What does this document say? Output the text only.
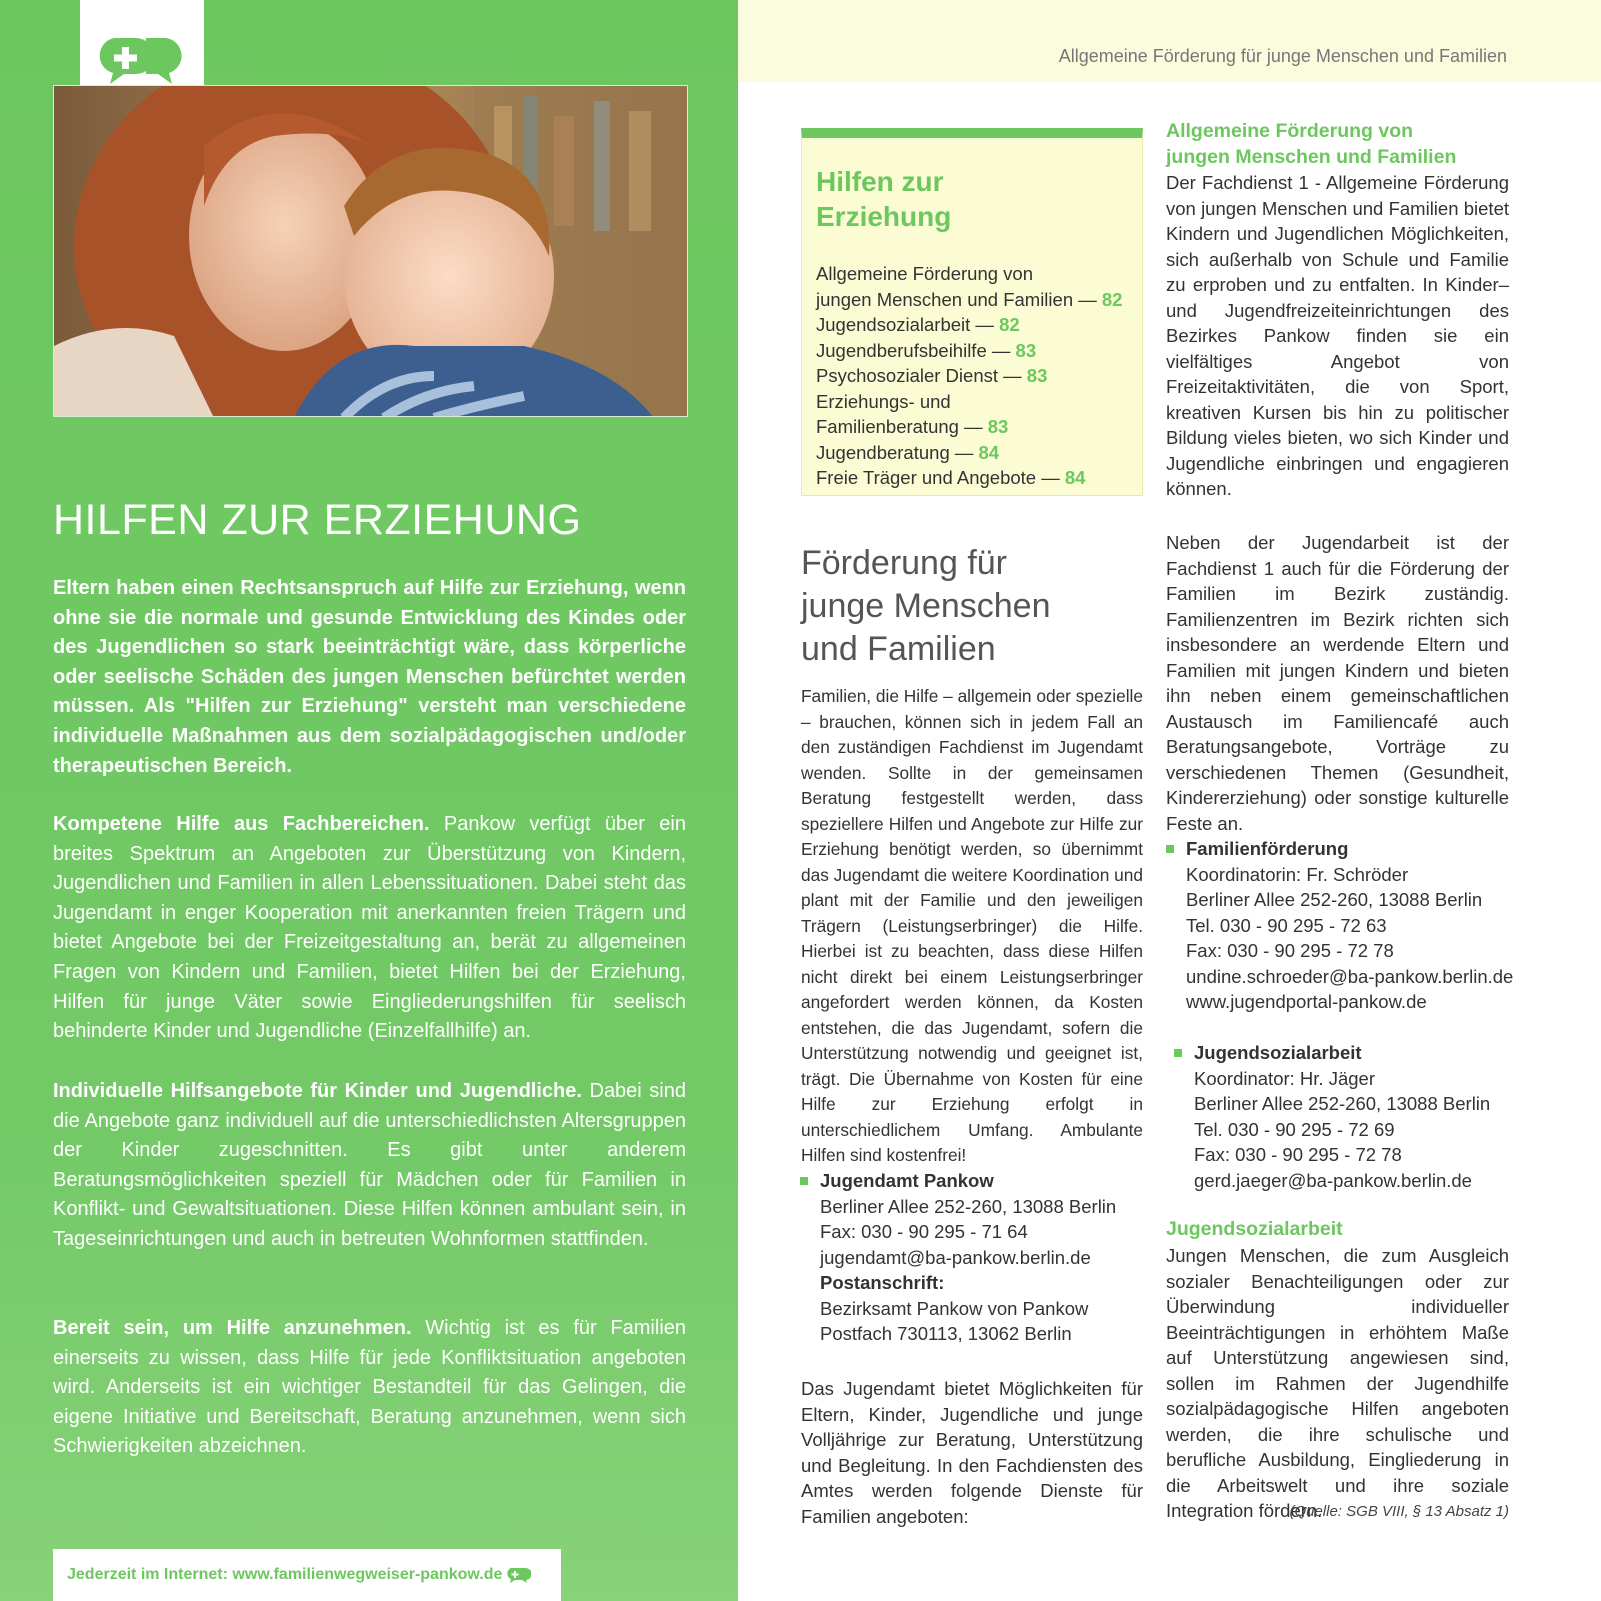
HILFEN ZUR ERZIEHUNG

Eltern haben einen Rechtsanspruch auf Hilfe zur Erziehung, wenn ohne sie die normale und gesunde Entwicklung des Kindes oder des Jugendlichen so stark beeinträchtigt wäre, dass körperliche oder seelische Schäden des jungen Menschen befürchtet werden müssen. Als "Hilfen zur Erziehung" versteht man verschiedene individuelle Maßnahmen aus dem sozialpädagogischen und/oder therapeutischen Bereich.

Kompetene Hilfe aus Fachbereichen. Pankow verfügt über ein breites Spektrum an Angeboten zur Überstützung von Kindern, Jugendlichen und Familien in allen Lebenssituationen. Dabei steht das Jugendamt in enger Kooperation mit anerkannten freien Trägern und bietet Angebote bei der Freizeitgestaltung an, berät zu allgemeinen Fragen von Kindern und Familien, bietet Hilfen bei der Erziehung, Hilfen für junge Väter sowie Eingliederungshilfen für seelisch behinderte Kinder und Jugendliche (Einzelfallhilfe) an.

Individuelle Hilfsangebote für Kinder und Jugendliche. Dabei sind die Angebote ganz individuell auf die unterschiedlichsten Altersgruppen der Kinder zugeschnitten. Es gibt unter anderem Beratungsmöglichkeiten speziell für Mädchen oder für Familien in Konflikt- und Gewaltsituationen. Diese Hilfen können ambulant sein, in Tageseinrichtungen und auch in betreuten Wohnformen stattfinden.

Bereit sein, um Hilfe anzunehmen. Wichtig ist es für Familien einerseits zu wissen, dass Hilfe für jede Konfliktsituation angeboten wird. Anderseits ist ein wichtiger Bestandteil für das Gelingen, die eigene Initiative und Bereitschaft, Beratung anzunehmen, wenn sich Schwierigkeiten abzeichnen.

Jederzeit im Internet: www.familienwegweiser-pankow.de
Allgemeine Förderung für junge Menschen und Familien
Hilfen zur
Erziehung
Allgemeine Förderung von
jungen Menschen und Familien — 82
Jugendsozialarbeit — 82
Jugendberufsbeihilfe — 83
Psychosozialer Dienst — 83
Erziehungs- und
Familienberatung — 83
Jugendberatung — 84
Freie Träger und Angebote — 84
Förderung für
junge Menschen
und Familien

Familien, die Hilfe – allgemein oder spezielle – brauchen, können sich in jedem Fall an den zuständigen Fachdienst im Jugendamt wenden. Sollte in der gemeinsamen Beratung festgestellt werden, dass speziellere Hilfen und Angebote zur Hilfe zur Erziehung benötigt werden, so übernimmt das Jugendamt die weitere Koordination und plant mit der Familie und den jeweiligen Trägern (Leistungserbringer) die Hilfe. Hierbei ist zu beachten, dass diese Hilfen nicht direkt bei einem Leistungserbringer angefordert werden können, da Kosten entstehen, die das Jugendamt, sofern die Unterstützung notwendig und geeignet ist, trägt. Die Übernahme von Kosten für eine Hilfe zur Erziehung erfolgt in unterschiedlichem Umfang. Ambulante Hilfen sind kostenfrei!

Jugendamt Pankow
Berliner Allee 252-260, 13088 Berlin
Fax: 030 - 90 295 - 71 64
jugendamt@ba-pankow.berlin.de
Postanschrift:
Bezirksamt Pankow von Pankow
Postfach 730113, 13062 Berlin

Das Jugendamt bietet Möglichkeiten für Eltern, Kinder, Jugendliche und junge Volljährige zur Beratung, Unterstützung und Begleitung. In den Fachdiensten des Amtes werden folgende Dienste für Familien angeboten:

Allgemeine Förderung von
jungen Menschen und Familien

Der Fachdienst 1 - Allgemeine Förderung von jungen Menschen und Familien bietet Kindern und Jugendlichen Möglichkeiten, sich außerhalb von Schule und Familie zu erproben und zu entfalten. In Kinder– und Jugendfreizeiteinrichtungen des Bezirkes Pankow finden sie ein vielfältiges Angebot von Freizeitaktivitäten, die von Sport, kreativen Kursen bis hin zu politischer Bildung vieles bieten, wo sich Kinder und Jugendliche einbringen und engagieren können.

Neben der Jugendarbeit ist der Fachdienst 1 auch für die Förderung der Familien im Bezirk zuständig. Familienzentren im Bezirk richten sich insbesondere an werdende Eltern und Familien mit jungen Kindern und bieten ihn neben einem gemeinschaftlichen Austausch im Familiencafé auch Beratungsangebote, Vorträge zu verschiedenen Themen (Gesundheit, Kindererziehung) oder sonstige kulturelle Feste an.

Familienförderung
Koordinatorin: Fr. Schröder
Berliner Allee 252-260, 13088 Berlin
Tel. 030 - 90 295 - 72 63
Fax: 030 - 90 295 - 72 78
undine.schroeder@ba-pankow.berlin.de
www.jugendportal-pankow.de
Jugendsozialarbeit
Koordinator: Hr. Jäger
Berliner Allee 252-260, 13088 Berlin
Tel. 030 - 90 295 - 72 69
Fax: 030 - 90 295 - 72 78
gerd.jaeger@ba-pankow.berlin.de
Jugendsozialarbeit

Jungen Menschen, die zum Ausgleich sozialer Benachteiligungen oder zur Überwindung individueller Beeinträchtigungen in erhöhtem Maße auf Unterstützung angewiesen sind, sollen im Rahmen der Jugendhilfe sozialpädagogische Hilfen angeboten werden, die ihre schulische und berufliche Ausbildung, Eingliederung in die Arbeitswelt und ihre soziale Integration fördern.

(Quelle: SGB VIII, § 13 Absatz 1)
